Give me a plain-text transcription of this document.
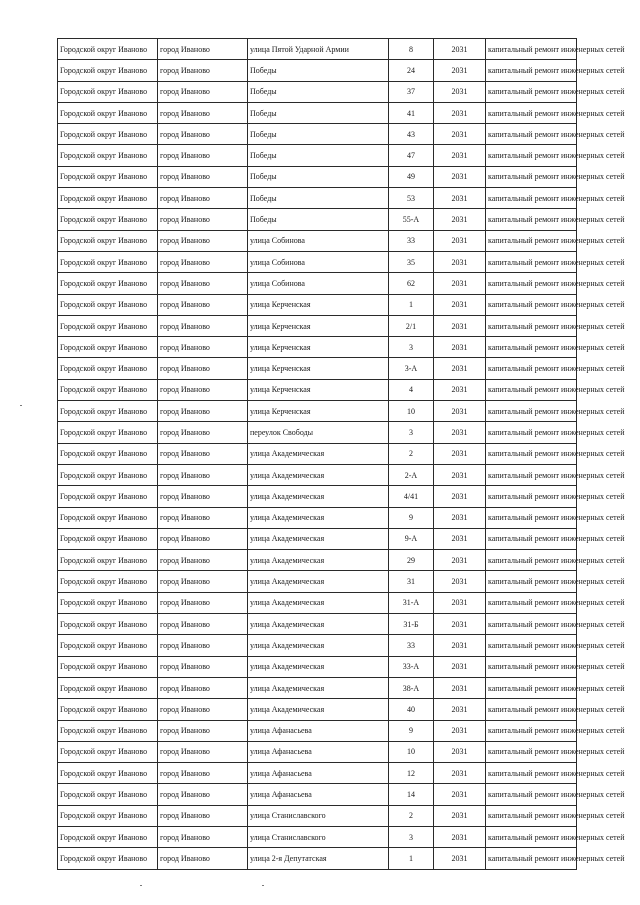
Городской округ Иваново	город Иваново	улица Пятой Ударной Армии	8	2031	капитальный ремонт инженерных сетей
Городской округ Иваново	город Иваново	Победы	24	2031	капитальный ремонт инженерных сетей
Городской округ Иваново	город Иваново	Победы	37	2031	капитальный ремонт инженерных сетей
Городской округ Иваново	город Иваново	Победы	41	2031	капитальный ремонт инженерных сетей
Городской округ Иваново	город Иваново	Победы	43	2031	капитальный ремонт инженерных сетей
Городской округ Иваново	город Иваново	Победы	47	2031	капитальный ремонт инженерных сетей
Городской округ Иваново	город Иваново	Победы	49	2031	капитальный ремонт инженерных сетей
Городской округ Иваново	город Иваново	Победы	53	2031	капитальный ремонт инженерных сетей
Городской округ Иваново	город Иваново	Победы	55-А	2031	капитальный ремонт инженерных сетей
Городской округ Иваново	город Иваново	улица Собинова	33	2031	капитальный ремонт инженерных сетей
Городской округ Иваново	город Иваново	улица Собинова	35	2031	капитальный ремонт инженерных сетей
Городской округ Иваново	город Иваново	улица Собинова	62	2031	капитальный ремонт инженерных сетей
Городской округ Иваново	город Иваново	улица Керченская	1	2031	капитальный ремонт инженерных сетей
Городской округ Иваново	город Иваново	улица Керченская	2/1	2031	капитальный ремонт инженерных сетей
Городской округ Иваново	город Иваново	улица Керченская	3	2031	капитальный ремонт инженерных сетей
Городской округ Иваново	город Иваново	улица Керченская	3-А	2031	капитальный ремонт инженерных сетей
Городской округ Иваново	город Иваново	улица Керченская	4	2031	капитальный ремонт инженерных сетей
Городской округ Иваново	город Иваново	улица Керченская	10	2031	капитальный ремонт инженерных сетей
Городской округ Иваново	город Иваново	переулок Свободы	3	2031	капитальный ремонт инженерных сетей
Городской округ Иваново	город Иваново	улица Академическая	2	2031	капитальный ремонт инженерных сетей
Городской округ Иваново	город Иваново	улица Академическая	2-А	2031	капитальный ремонт инженерных сетей
Городской округ Иваново	город Иваново	улица Академическая	4/41	2031	капитальный ремонт инженерных сетей
Городской округ Иваново	город Иваново	улица Академическая	9	2031	капитальный ремонт инженерных сетей
Городской округ Иваново	город Иваново	улица Академическая	9-А	2031	капитальный ремонт инженерных сетей
Городской округ Иваново	город Иваново	улица Академическая	29	2031	капитальный ремонт инженерных сетей
Городской округ Иваново	город Иваново	улица Академическая	31	2031	капитальный ремонт инженерных сетей
Городской округ Иваново	город Иваново	улица Академическая	31-А	2031	капитальный ремонт инженерных сетей
Городской округ Иваново	город Иваново	улица Академическая	31-Б	2031	капитальный ремонт инженерных сетей
Городской округ Иваново	город Иваново	улица Академическая	33	2031	капитальный ремонт инженерных сетей
Городской округ Иваново	город Иваново	улица Академическая	33-А	2031	капитальный ремонт инженерных сетей
Городской округ Иваново	город Иваново	улица Академическая	38-А	2031	капитальный ремонт инженерных сетей
Городской округ Иваново	город Иваново	улица Академическая	40	2031	капитальный ремонт инженерных сетей
Городской округ Иваново	город Иваново	улица Афанасьева	9	2031	капитальный ремонт инженерных сетей
Городской округ Иваново	город Иваново	улица Афанасьева	10	2031	капитальный ремонт инженерных сетей
Городской округ Иваново	город Иваново	улица Афанасьева	12	2031	капитальный ремонт инженерных сетей
Городской округ Иваново	город Иваново	улица Афанасьева	14	2031	капитальный ремонт инженерных сетей
Городской округ Иваново	город Иваново	улица Станиславского	2	2031	капитальный ремонт инженерных сетей
Городской округ Иваново	город Иваново	улица Станиславского	3	2031	капитальный ремонт инженерных сетей
Городской округ Иваново	город Иваново	улица 2-я Депутатская	1	2031	капитальный ремонт инженерных сетей
